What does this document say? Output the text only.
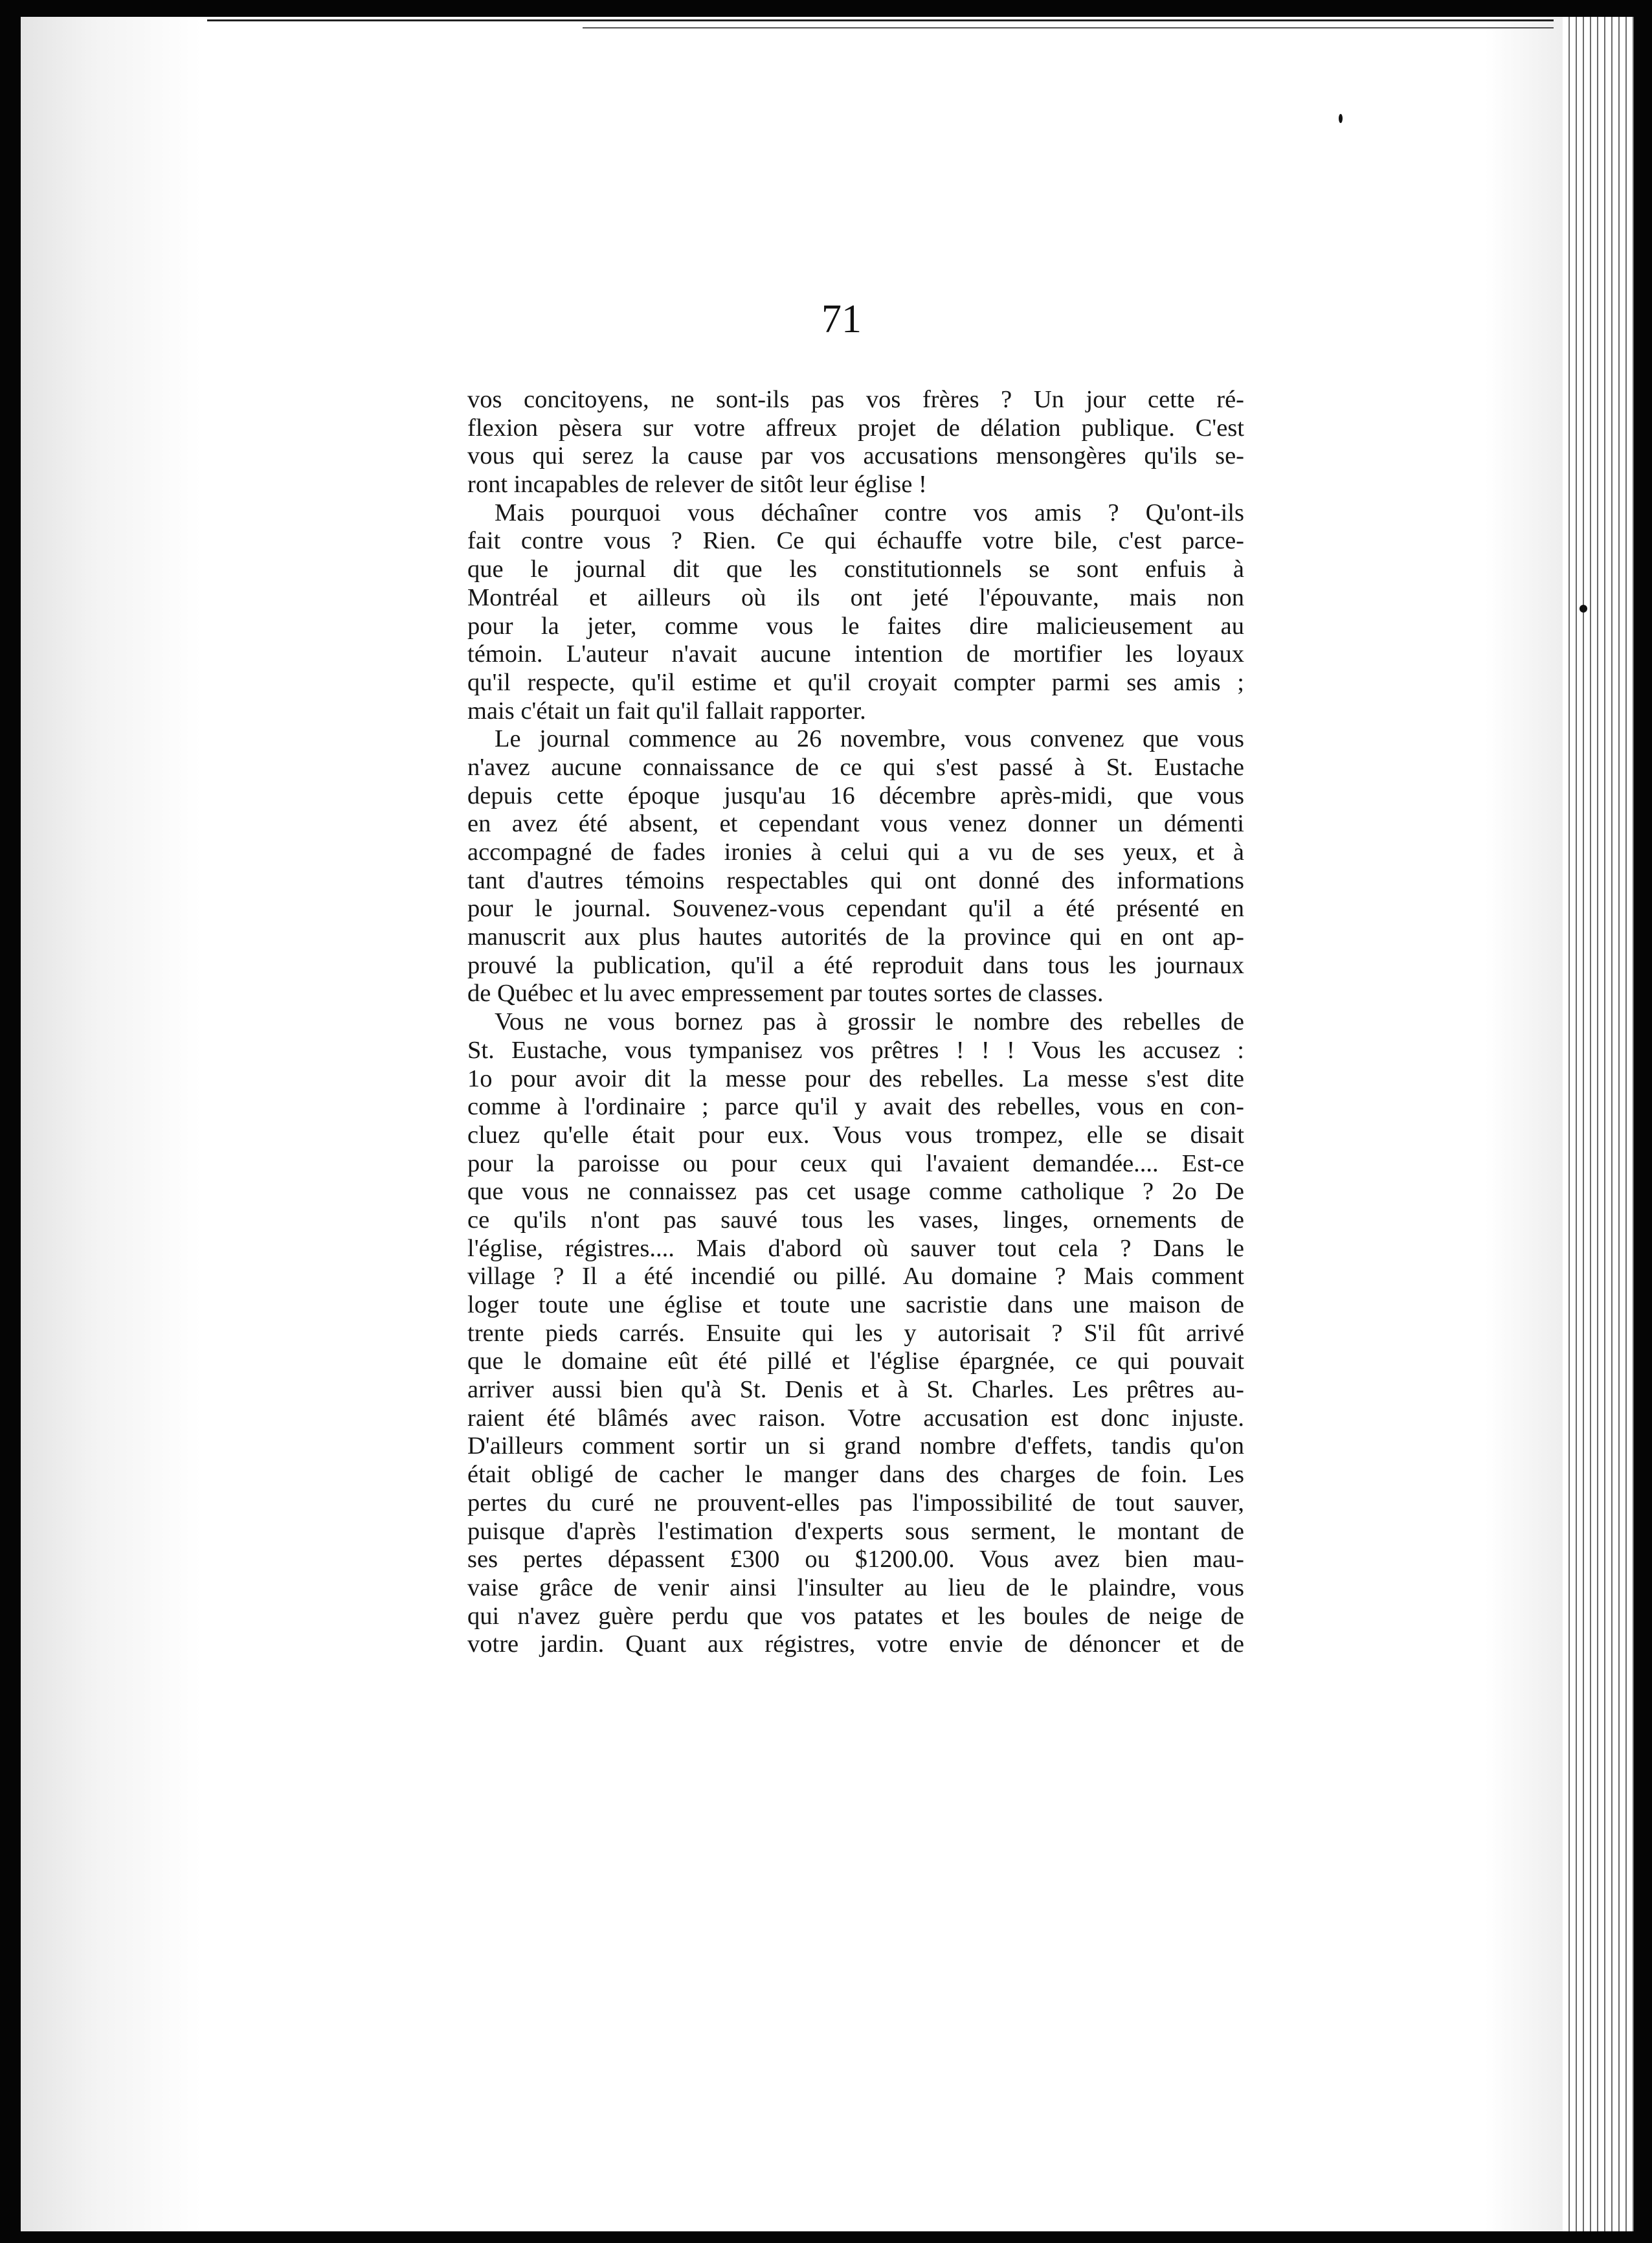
71
vos concitoyens, ne sont-ils pas vos frères ? Un jour cette ré-
flexion pèsera sur votre affreux projet de délation publique. C'est
vous qui serez la cause par vos accusations mensongères qu'ils se-
ront incapables de relever de sitôt leur église !
Mais pourquoi vous déchaîner contre vos amis ? Qu'ont-ils
fait contre vous ? Rien. Ce qui échauffe votre bile, c'est parce-
que le journal dit que les constitutionnels se sont enfuis à
Montréal et ailleurs où ils ont jeté l'épouvante, mais non
pour la jeter, comme vous le faites dire malicieusement au
témoin. L'auteur n'avait aucune intention de mortifier les loyaux
qu'il respecte, qu'il estime et qu'il croyait compter parmi ses amis ;
mais c'était un fait qu'il fallait rapporter.
Le journal commence au 26 novembre, vous convenez que vous
n'avez aucune connaissance de ce qui s'est passé à St. Eustache
depuis cette époque jusqu'au 16 décembre après-midi, que vous
en avez été absent, et cependant vous venez donner un démenti
accompagné de fades ironies à celui qui a vu de ses yeux, et à
tant d'autres témoins respectables qui ont donné des informations
pour le journal. Souvenez-vous cependant qu'il a été présenté en
manuscrit aux plus hautes autorités de la province qui en ont ap-
prouvé la publication, qu'il a été reproduit dans tous les journaux
de Québec et lu avec empressement par toutes sortes de classes.
Vous ne vous bornez pas à grossir le nombre des rebelles de
St. Eustache, vous tympanisez vos prêtres ! ! ! Vous les accusez :
1o pour avoir dit la messe pour des rebelles. La messe s'est dite
comme à l'ordinaire ; parce qu'il y avait des rebelles, vous en con-
cluez qu'elle était pour eux. Vous vous trompez, elle se disait
pour la paroisse ou pour ceux qui l'avaient demandée.... Est-ce
que vous ne connaissez pas cet usage comme catholique ? 2o De
ce qu'ils n'ont pas sauvé tous les vases, linges, ornements de
l'église, régistres.... Mais d'abord où sauver tout cela ? Dans le
village ? Il a été incendié ou pillé. Au domaine ? Mais comment
loger toute une église et toute une sacristie dans une maison de
trente pieds carrés. Ensuite qui les y autorisait ? S'il fût arrivé
que le domaine eût été pillé et l'église épargnée, ce qui pouvait
arriver aussi bien qu'à St. Denis et à St. Charles. Les prêtres au-
raient été blâmés avec raison. Votre accusation est donc injuste.
D'ailleurs comment sortir un si grand nombre d'effets, tandis qu'on
était obligé de cacher le manger dans des charges de foin. Les
pertes du curé ne prouvent-elles pas l'impossibilité de tout sauver,
puisque d'après l'estimation d'experts sous serment, le montant de
ses pertes dépassent £300 ou $1200.00. Vous avez bien mau-
vaise grâce de venir ainsi l'insulter au lieu de le plaindre, vous
qui n'avez guère perdu que vos patates et les boules de neige de
votre jardin. Quant aux régistres, votre envie de dénoncer et de
